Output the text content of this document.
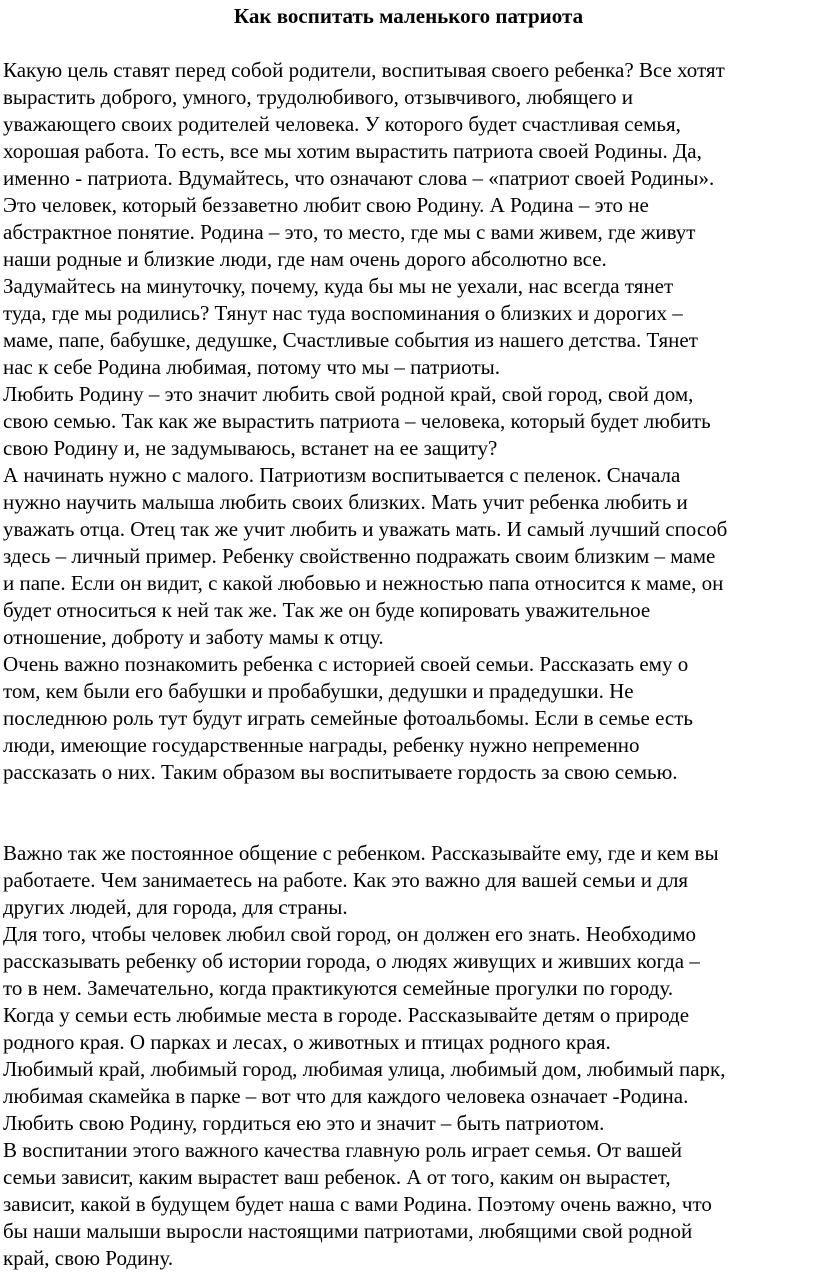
Как воспитать маленького патриота

Какую цель ставят перед собой родители, воспитывая своего ребенка? Все хотят
вырастить доброго, умного, трудолюбивого, отзывчивого, любящего и
уважающего своих родителей человека. У которого будет счастливая семья,
хорошая работа. То есть, все мы хотим вырастить патриота своей Родины. Да,
именно - патриота. Вдумайтесь, что означают слова – «патриот своей Родины».
Это человек, который беззаветно любит свою Родину. А Родина – это не
абстрактное понятие. Родина – это, то место, где мы с вами живем, где живут
наши родные и близкие люди, где нам очень дорого абсолютно все.
Задумайтесь на минуточку, почему, куда бы мы не уехали, нас всегда тянет
туда, где мы родились? Тянут нас туда воспоминания о близких и дорогих –
маме, папе, бабушке, дедушке, Счастливые события из нашего детства. Тянет
нас к себе Родина любимая, потому что мы – патриоты.

Любить Родину – это значит любить свой родной край, свой город, свой дом,
свою семью. Так как же вырастить патриота – человека, который будет любить
свою Родину и, не задумываюсь, встанет на ее защиту?

А начинать нужно с малого. Патриотизм воспитывается с пеленок. Сначала
нужно научить малыша любить своих близких. Мать учит ребенка любить и
уважать отца. Отец так же учит любить и уважать мать. И самый лучший способ
здесь – личный пример. Ребенку свойственно подражать своим близким – маме
и папе. Если он видит, с какой любовью и нежностью папа относится к маме, он
будет относиться к ней так же. Так же он буде копировать уважительное
отношение, доброту и заботу мамы к отцу.

Очень важно познакомить ребенка с историей своей семьи. Рассказать ему о
том, кем были его бабушки и пробабушки, дедушки и прадедушки. Не
последнюю роль тут будут играть семейные фотоальбомы. Если в семье есть
люди, имеющие государственные награды, ребенку нужно непременно
рассказать о них. Таким образом вы воспитываете гордость за свою семью.

Важно так же постоянное общение с ребенком. Рассказывайте ему, где и кем вы
работаете. Чем занимаетесь на работе. Как это важно для вашей семьи и для
других людей, для города, для страны.

Для того, чтобы человек любил свой город, он должен его знать. Необходимо
рассказывать ребенку об истории города, о людях живущих и живших когда –
то в нем. Замечательно, когда практикуются семейные прогулки по городу.
Когда у семьи есть любимые места в городе. Рассказывайте детям о природе
родного края. О парках и лесах, о животных и птицах родного края.

Любимый край, любимый город, любимая улица, любимый дом, любимый парк,
любимая скамейка в парке – вот что для каждого человека означает -Родина.
Любить свою Родину, гордиться ею это и значит – быть патриотом.

В воспитании этого важного качества главную роль играет семья. От вашей
семьи зависит, каким вырастет ваш ребенок. А от того, каким он вырастет,
зависит, какой в будущем будет наша с вами Родина. Поэтому очень важно, что
бы наши малыши выросли настоящими патриотами, любящими свой родной
край, свою Родину.
